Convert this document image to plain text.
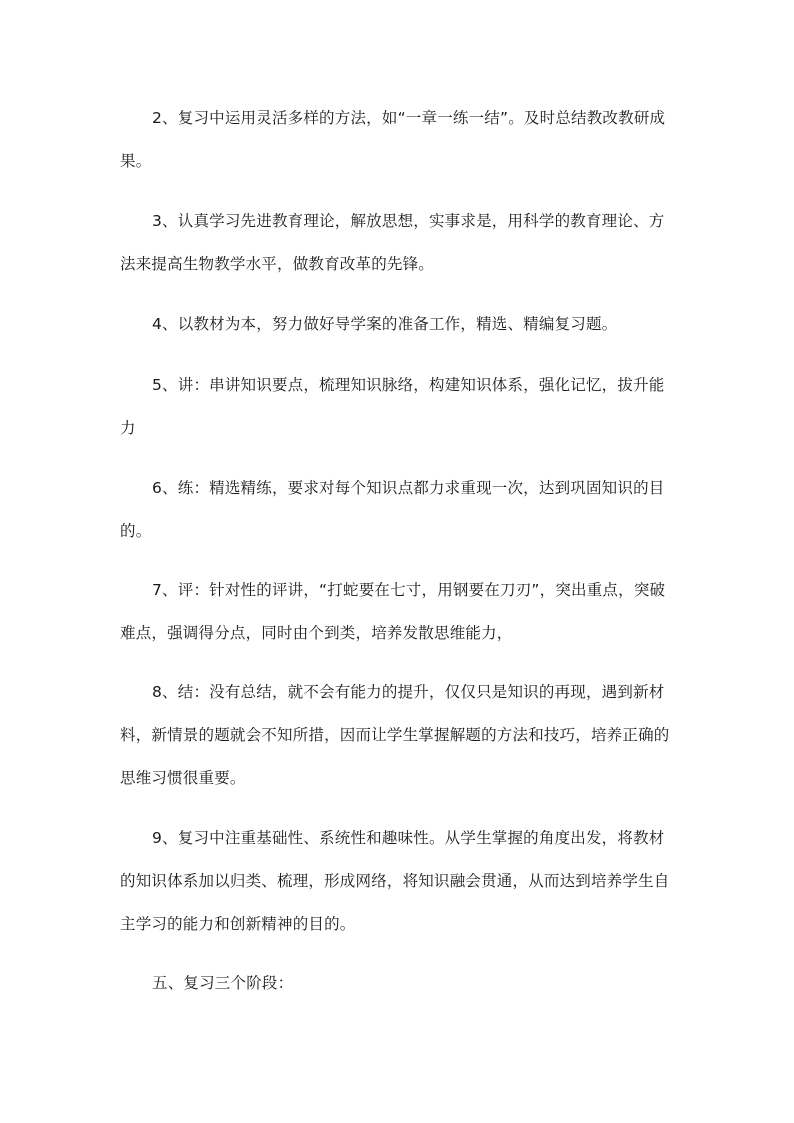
2、复习中运用灵活多样的方法，如“一章一练一结”。及时总结教改教研成果。

3、认真学习先进教育理论，解放思想，实事求是，用科学的教育理论、方法来提高生物教学水平，做教育改革的先锋。

4、以教材为本，努力做好导学案的准备工作，精选、精编复习题。

5、讲：串讲知识要点，梳理知识脉络，构建知识体系，强化记忆，拔升能力

6、练：精选精练，要求对每个知识点都力求重现一次，达到巩固知识的目的。

7、评：针对性的评讲，“打蛇要在七寸，用钢要在刀刃”，突出重点，突破难点，强调得分点，同时由个到类，培养发散思维能力，

8、结：没有总结，就不会有能力的提升，仅仅只是知识的再现，遇到新材料，新情景的题就会不知所措，因而让学生掌握解题的方法和技巧，培养正确的思维习惯很重要。

9、复习中注重基础性、系统性和趣味性。从学生掌握的角度出发，将教材的知识体系加以归类、梳理，形成网络，将知识融会贯通，从而达到培养学生自主学习的能力和创新精神的目的。

五、复习三个阶段：
